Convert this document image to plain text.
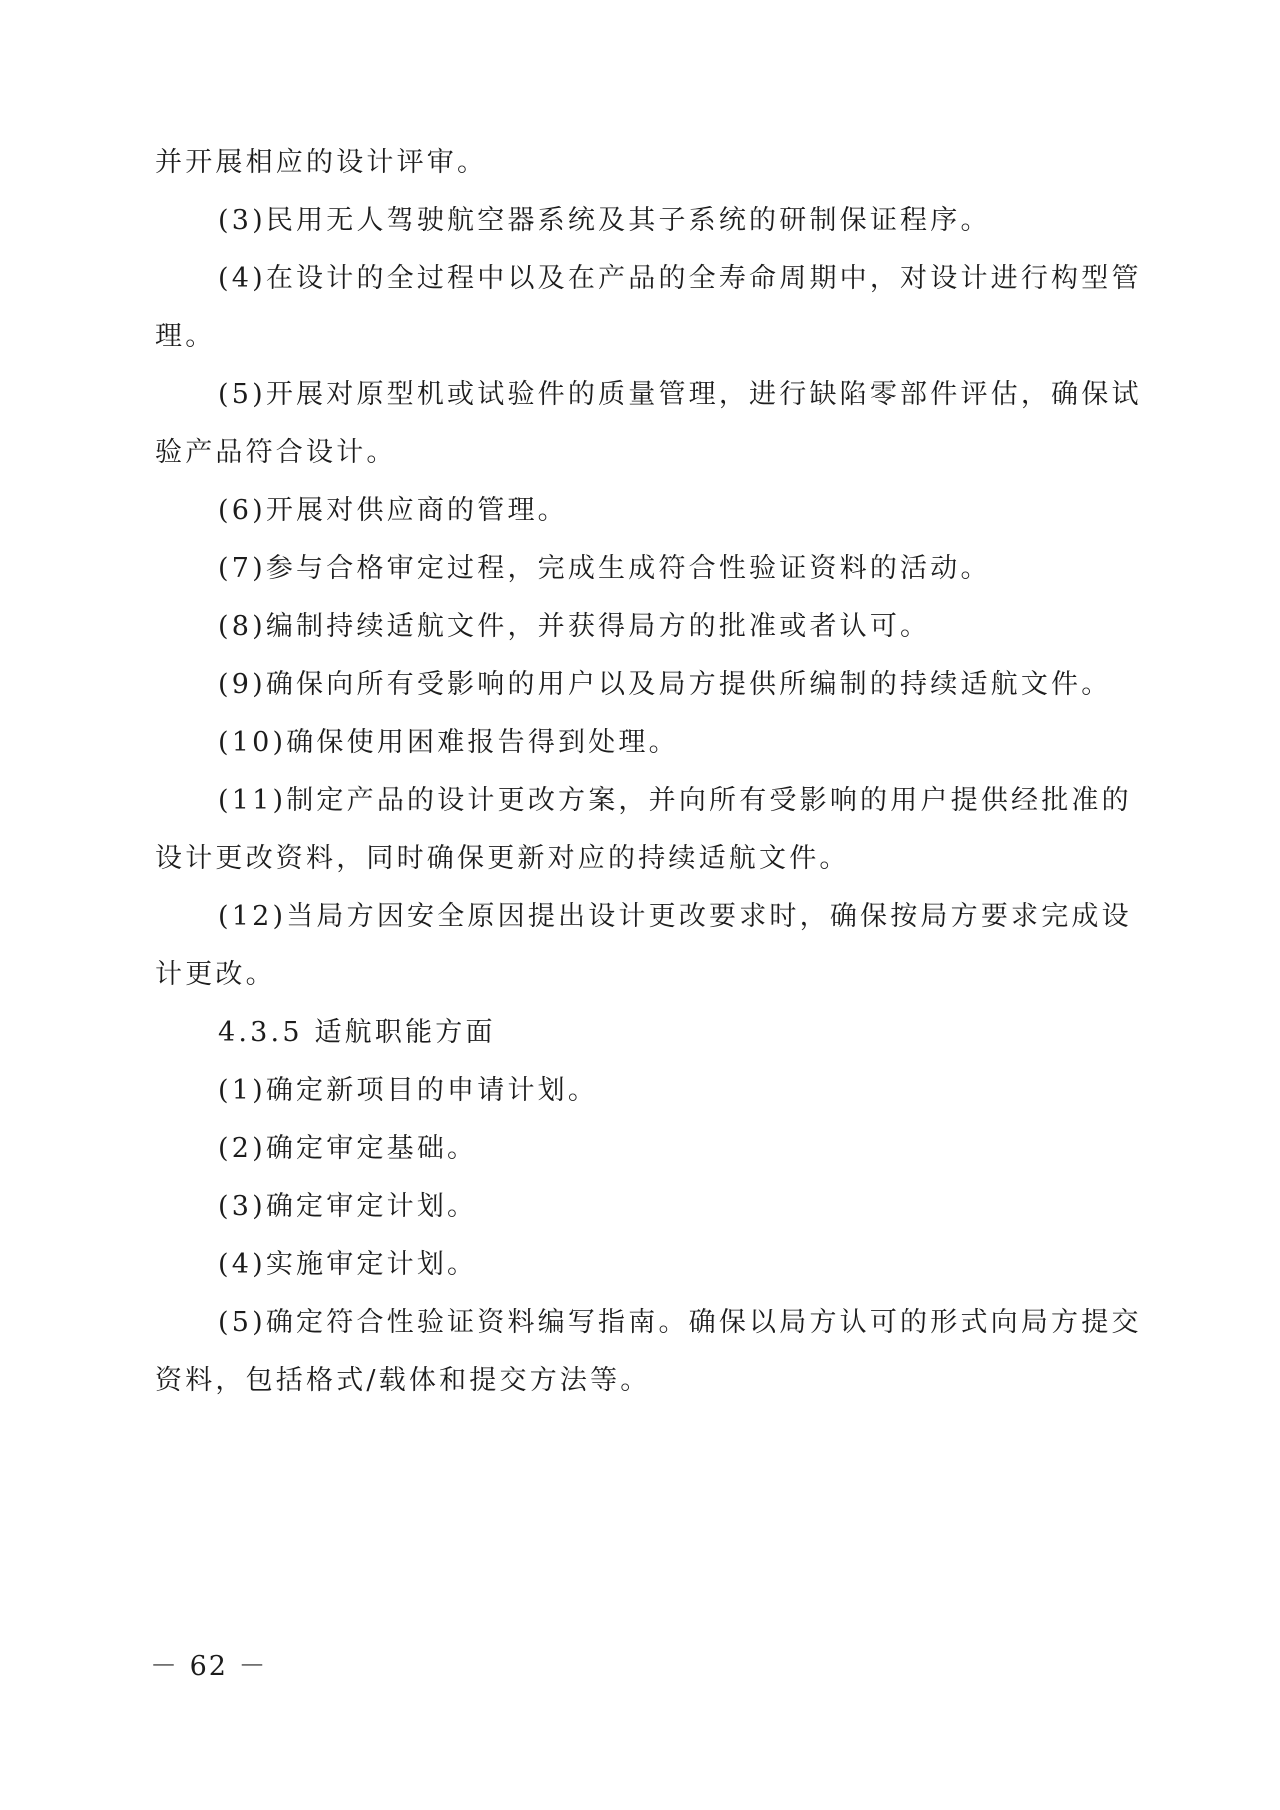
并开展相应的设计评审。
(3)民用无人驾驶航空器系统及其子系统的研制保证程序。
(4)在设计的全过程中以及在产品的全寿命周期中，对设计进行构型管
理。
(5)开展对原型机或试验件的质量管理，进行缺陷零部件评估，确保试
验产品符合设计。
(6)开展对供应商的管理。
(7)参与合格审定过程，完成生成符合性验证资料的活动。
(8)编制持续适航文件，并获得局方的批准或者认可。
(9)确保向所有受影响的用户以及局方提供所编制的持续适航文件。
(10)确保使用困难报告得到处理。
(11)制定产品的设计更改方案，并向所有受影响的用户提供经批准的
设计更改资料，同时确保更新对应的持续适航文件。
(12)当局方因安全原因提出设计更改要求时，确保按局方要求完成设
计更改。
4.3.5 适航职能方面
(1)确定新项目的申请计划。
(2)确定审定基础。
(3)确定审定计划。
(4)实施审定计划。
(5)确定符合性验证资料编写指南。确保以局方认可的形式向局方提交
资料，包括格式/载体和提交方法等。
－ 62 －
